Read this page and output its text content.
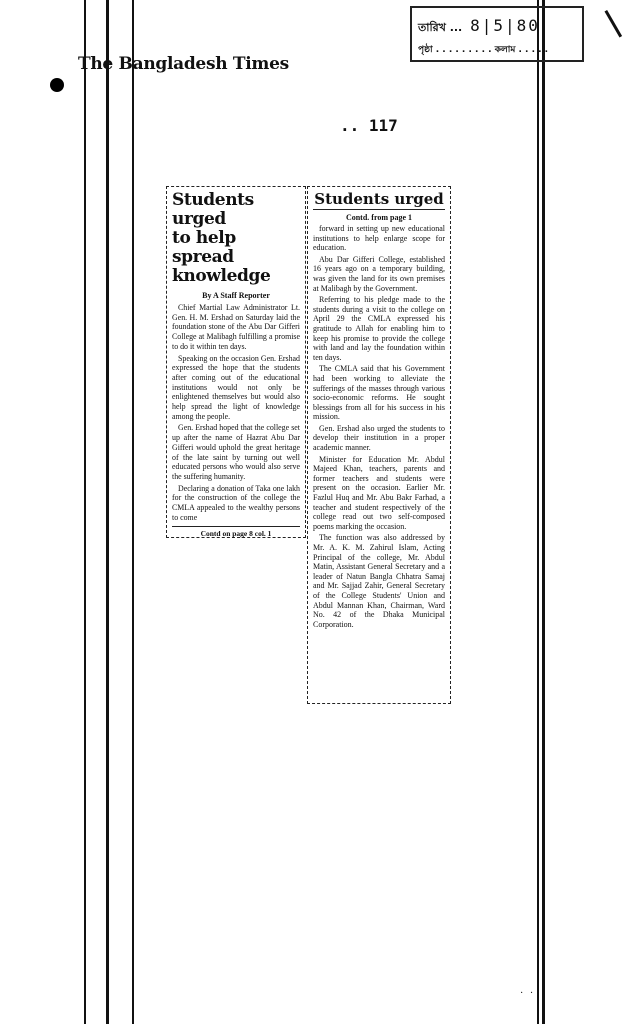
তারিখ ... 8|5|80
পৃষ্ঠা . . . . . . . . . কলাম . . . . .
The Bangladesh Times
.. 117
Students urged
to help spread
knowledge
By A Staff Reporter

Chief Martial Law Administrator Lt. Gen. H. M. Ershad on Saturday laid the foundation stone of the Abu Dar Gifferi College at Malibagh fulfilling a promise to do it within ten days.

Speaking on the occasion Gen. Ershad expressed the hope that the students after coming out of the educational institutions would not only be enlightened themselves but would also help spread the light of knowledge among the people.

Gen. Ershad hoped that the college set up after the name of Hazrat Abu Dar Gifferi would uphold the great heritage of the late saint by turning out well educated persons who would also serve the suffering humanity.

Declaring a donation of Taka one lakh for the construction of the college the CMLA appealed to the wealthy persons to come

Contd on page 8 col. 1
Students urged
Contd. from page 1

forward in setting up new educational institutions to help enlarge scope for education.

Abu Dar Gifferi College, established 16 years ago on a temporary building, was given the land for its own premises at Malibagh by the Government.

Referring to his pledge made to the students during a visit to the college on April 29 the CMLA expressed his gratitude to Allah for enabling him to keep his promise to provide the college with land and lay the foundation within ten days.

The CMLA said that his Government had been working to alleviate the sufferings of the masses through various socio-economic reforms. He sought blessings from all for his success in his mission.

Gen. Ershad also urged the students to develop their institution in a proper academic manner.

Minister for Education Mr. Abdul Majeed Khan, teachers, parents and former teachers and students were present on the occasion. Earlier Mr. Fazlul Huq and Mr. Abu Bakr Farhad, a teacher and student respectively of the college read out two self-composed poems marking the occasion.

The function was also addressed by Mr. A. K. M. Zahirul Islam, Acting Principal of the college, Mr. Abdul Matin, Assistant General Secretary and a leader of Natun Bangla Chhatra Samaj and Mr. Sajjad Zahir, General Secretary of the College Students' Union and Abdul Mannan Khan, Chairman, Ward No. 42 of the Dhaka Municipal Corporation.

· ·
